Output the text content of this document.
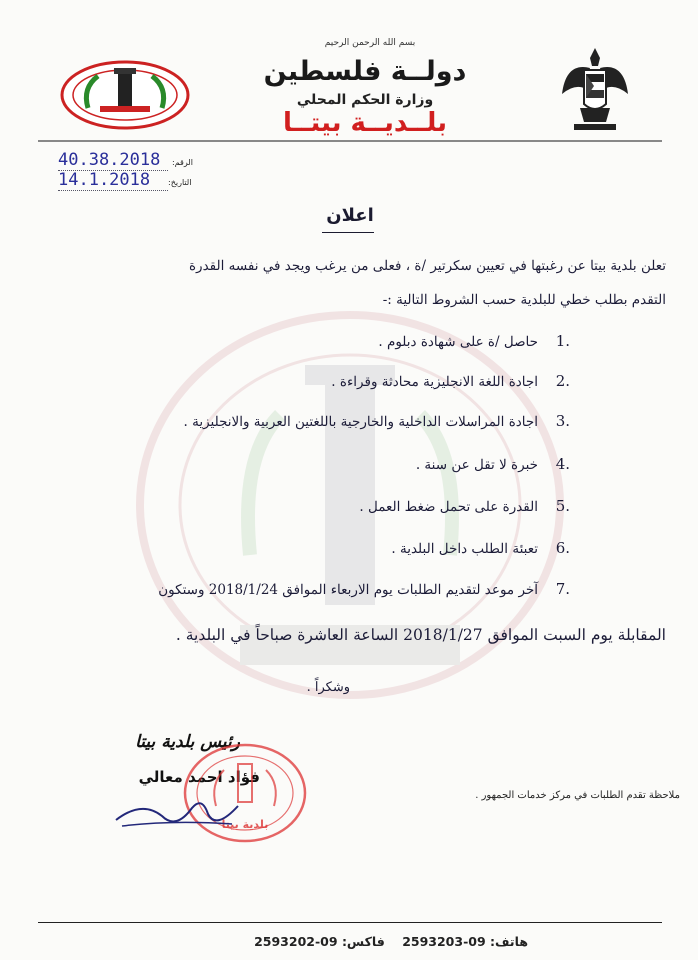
بسم الله الرحمن الرحيم
دولــة فلسطين
وزارة الحكم المحلي
بلــديــة بيتــا
الرقم:
40.38.2018
التاريخ:
14.1.2018
اعلان
تعلن بلدية بيتا عن رغبتها في تعيين سكرتير /ة ، فعلى من يرغب ويجد في نفسه القدرة
التقدم بطلب خطي للبلدية حسب الشروط التالية :-
1.
حاصل /ة على شهادة دبلوم .
2.
اجادة اللغة الانجليزية محادثة وقراءة .
3.
اجادة المراسلات الداخلية والخارجية باللغتين العربية والانجليزية .
4.
خبرة لا تقل عن سنة .
5.
القدرة على تحمل ضغط العمل .
6.
تعبئة الطلب داخل البلدية .
7.
آخر موعد لتقديم الطلبات يوم الاربعاء الموافق 2018/1/24 وستكون
المقابلة يوم السبت الموافق 2018/1/27 الساعة العاشرة صباحاً في البلدية .
وشكراً .
رئيس بلدية بيتا
فؤاد احمد معالي
بلدية بيتا
ملاحظة تقدم الطلبات في مركز خدمات الجمهور .
هاتف: 09-2593203    فاكس: 09-2593202
